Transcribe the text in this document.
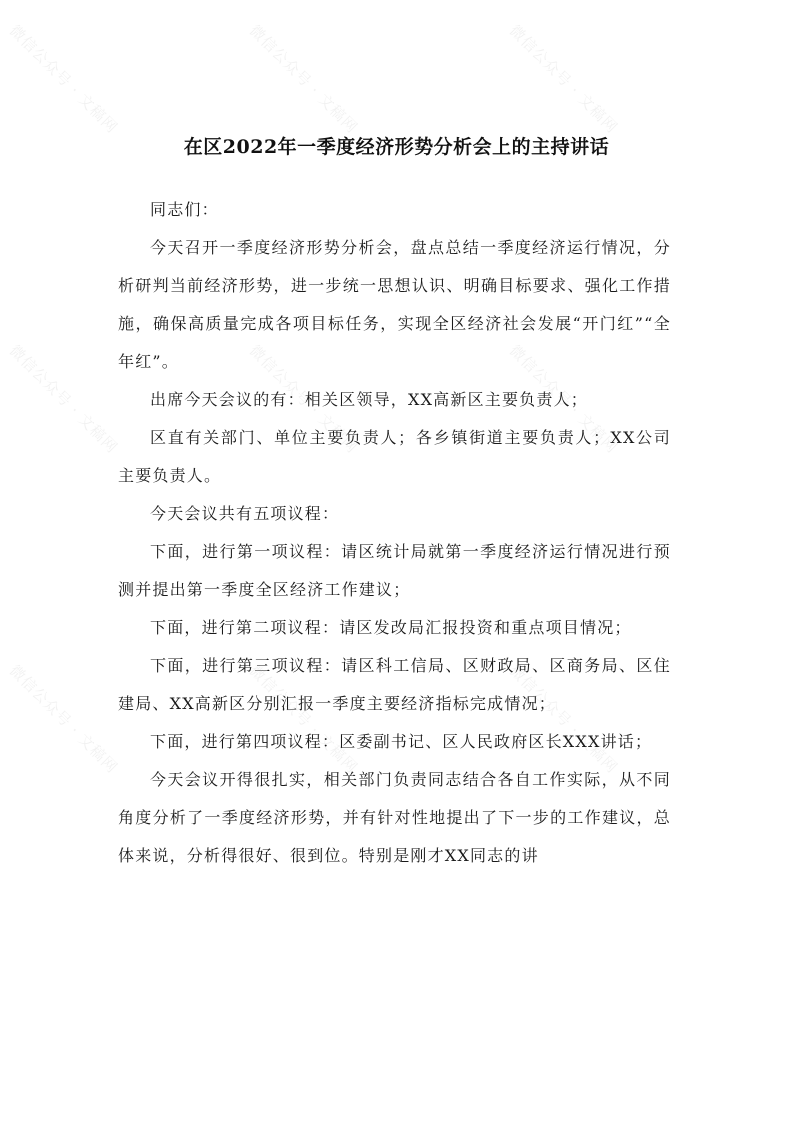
微信公众号 · 文稿网	微信公众号 · 文稿网	微信公众号 · 文稿网
微信公众号 · 文稿网	微信公众号 · 文稿网	微信公众号 · 文稿网
微信公众号 · 文稿网	微信公众号 · 文稿网	微信公众号 · 文稿网
在区2022年一季度经济形势分析会上的主持讲话

同志们：

今天召开一季度经济形势分析会，盘点总结一季度经济运行情况，分析研判当前经济形势，进一步统一思想认识、明确目标要求、强化工作措施，确保高质量完成各项目标任务，实现全区经济社会发展“开门红”“全年红”。

出席今天会议的有：相关区领导，XX高新区主要负责人；

区直有关部门、单位主要负责人；各乡镇街道主要负责人；XX公司主要负责人。

今天会议共有五项议程：

下面，进行第一项议程：请区统计局就第一季度经济运行情况进行预测并提出第一季度全区经济工作建议；

下面，进行第二项议程：请区发改局汇报投资和重点项目情况；

下面，进行第三项议程：请区科工信局、区财政局、区商务局、区住建局、XX高新区分别汇报一季度主要经济指标完成情况；

下面，进行第四项议程：区委副书记、区人民政府区长XXX讲话；

今天会议开得很扎实，相关部门负责同志结合各自工作实际，从不同角度分析了一季度经济形势，并有针对性地提出了下一步的工作建议，总体来说，分析得很好、很到位。特别是刚才XX同志的讲
